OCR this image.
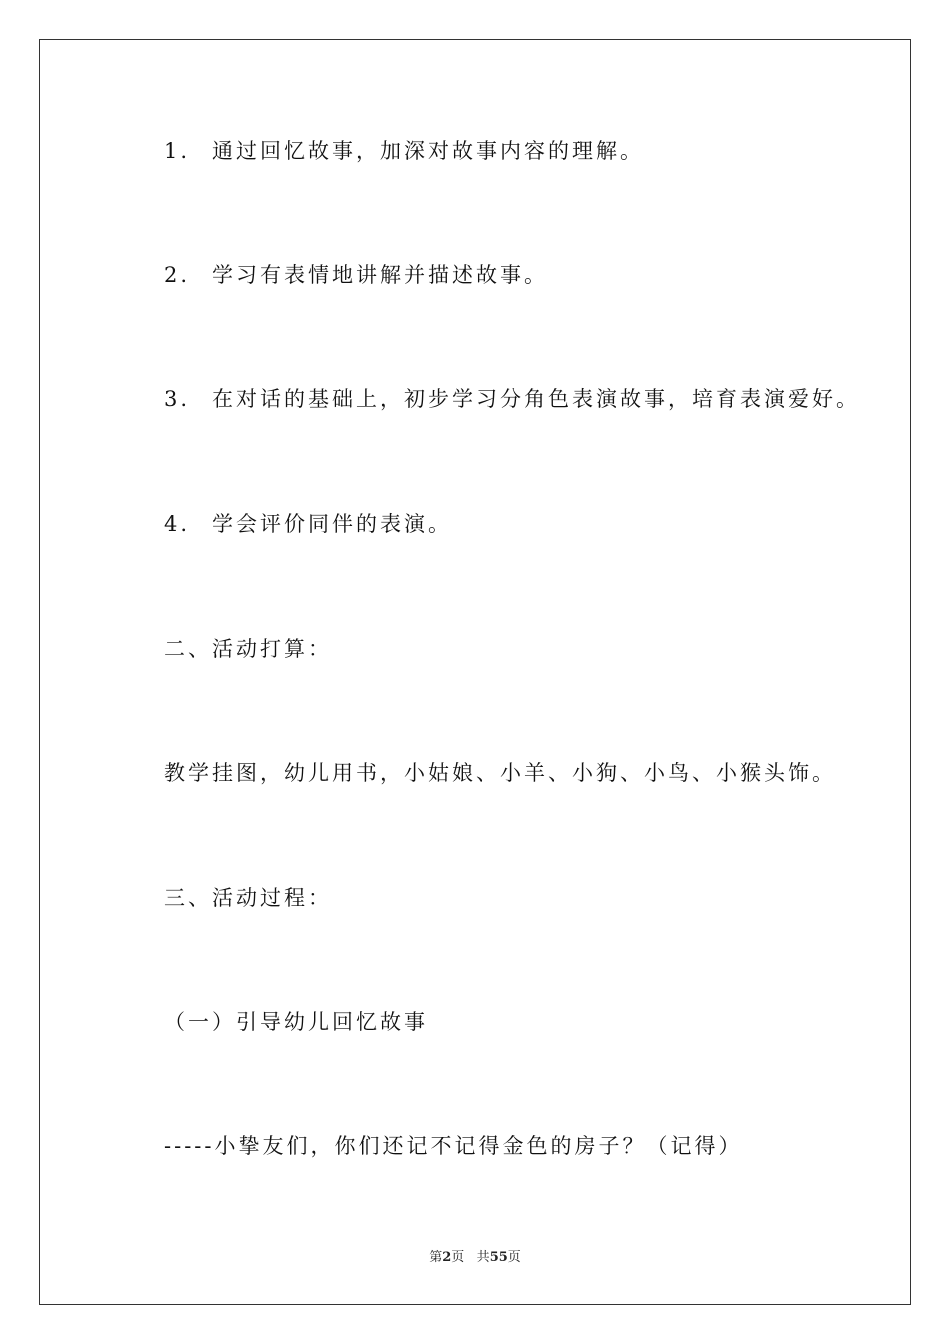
1. 通过回忆故事，加深对故事内容的理解。
2. 学习有表情地讲解并描述故事。
3. 在对话的基础上，初步学习分角色表演故事，培育表演爱好。
4. 学会评价同伴的表演。
二、活动打算：
教学挂图，幼儿用书，小姑娘、小羊、小狗、小鸟、小猴头饰。
三、活动过程：
（一）引导幼儿回忆故事
-----小挚友们，你们还记不记得金色的房子？（记得）
第2页 共55页
